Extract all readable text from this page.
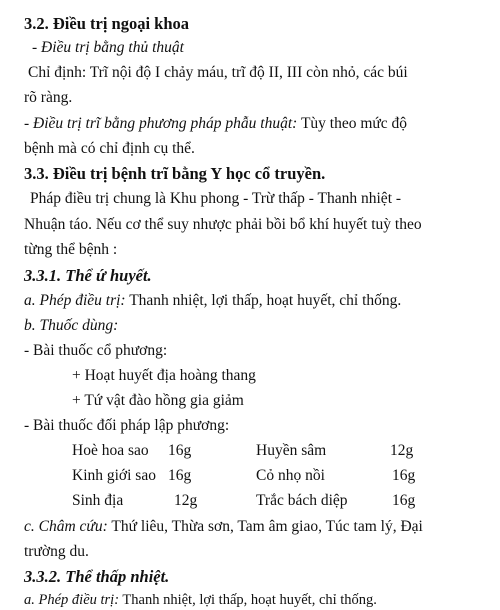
3.2. Điều trị ngoại khoa
- Điều trị bằng thủ thuật
Chỉ định: Trĩ nội độ I chảy máu, trĩ độ II, III còn nhỏ, các búi
rõ ràng.
- Điều trị trĩ bằng phương pháp phẫu thuật: Tùy theo mức độ
bệnh mà có chỉ định cụ thể.
3.3. Điều trị bệnh trĩ bằng Y học cổ truyền.
Pháp điều trị chung là Khu phong - Trừ thấp - Thanh nhiệt -
Nhuận táo. Nếu cơ thể suy nhược phải bồi bổ khí huyết tuỳ theo
từng thể bệnh :
3.3.1. Thể ứ huyết.
a. Phép điều trị: Thanh nhiệt, lợi thấp, hoạt huyết, chỉ thống.
b. Thuốc dùng:
- Bài thuốc cổ phương:
+ Hoạt huyết địa hoàng thang
+ Tứ vật đào hồng gia giảm
- Bài thuốc đối pháp lập phương:
Hoè hoa sao 16g	Huyền sâm	12g
Kinh giới sao 16g	Cỏ nhọ nồi	16g
Sinh địa	12g	Trắc bách diệp	16g
c. Châm cứu: Thứ liêu, Thừa sơn, Tam âm giao, Túc tam lý, Đại
trường du.
3.3.2. Thể thấp nhiệt.
a. Phép điều trị: Thanh nhiệt, lợi thấp, hoạt huyết, chỉ thống.
